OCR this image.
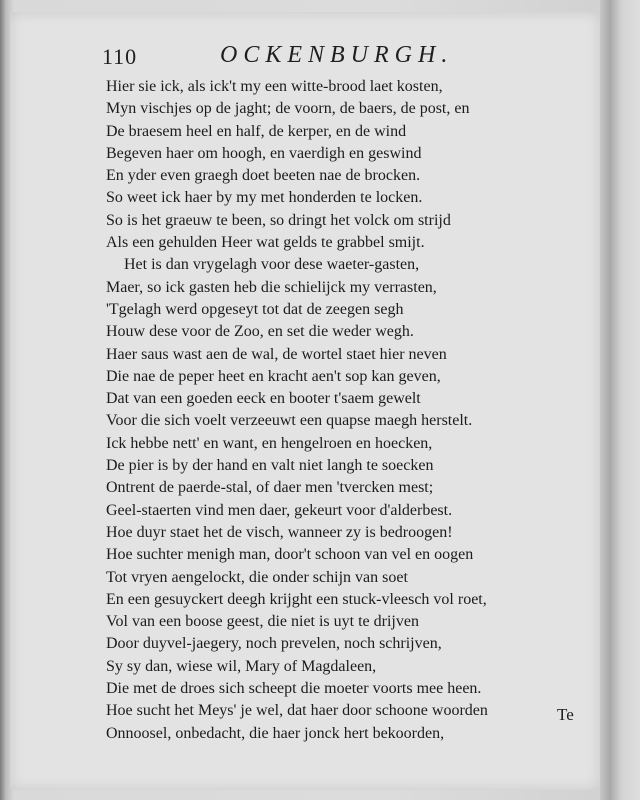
110	OCKENBURGH.
Hier sie ick, als ick't my een witte-brood laet kosten,
Myn vischjes op de jaght; de voorn, de baers, de post, en
De braesem heel en half, de kerper, en de wind
Begeven haer om hoogh, en vaerdigh en geswind
En yder even graegh doet beeten nae de brocken.
So weet ick haer by my met honderden te locken.
So is het graeuw te been, so dringt het volck om strijd
Als een gehulden Heer wat gelds te grabbel smijt.
Het is dan vrygelagh voor dese waeter-gasten,
Maer, so ick gasten heb die schielijck my verrasten,
'Tgelagh werd opgeseyt tot dat de zeegen segh
Houw dese voor de Zoo, en set die weder wegh.
Haer saus wast aen de wal, de wortel staet hier neven
Die nae de peper heet en kracht aen't sop kan geven,
Dat van een goeden eeck en booter t'saem gewelt
Voor die sich voelt verzeeuwt een quapse maegh herstelt.
Ick hebbe nett' en want, en hengelroen en hoecken,
De pier is by der hand en valt niet langh te soecken
Ontrent de paerde-stal, of daer men 'tvercken mest;
Geel-staerten vind men daer, gekeurt voor d'alderbest.
Hoe duyr staet het de visch, wanneer zy is bedroogen!
Hoe suchter menigh man, door't schoon van vel en oogen
Tot vryen aengelockt, die onder schijn van soet
En een gesuyckert deegh krijght een stuck-vleesch vol roet,
Vol van een boose geest, die niet is uyt te drijven
Door duyvel-jaegery, noch prevelen, noch schrijven,
Sy sy dan, wiese wil, Mary of Magdaleen,
Die met de droes sich scheept die moeter voorts mee heen.
Hoe sucht het Meys' je wel, dat haer door schoone woorden
Onnoosel, onbedacht, die haer jonck hert bekoorden,
Te
